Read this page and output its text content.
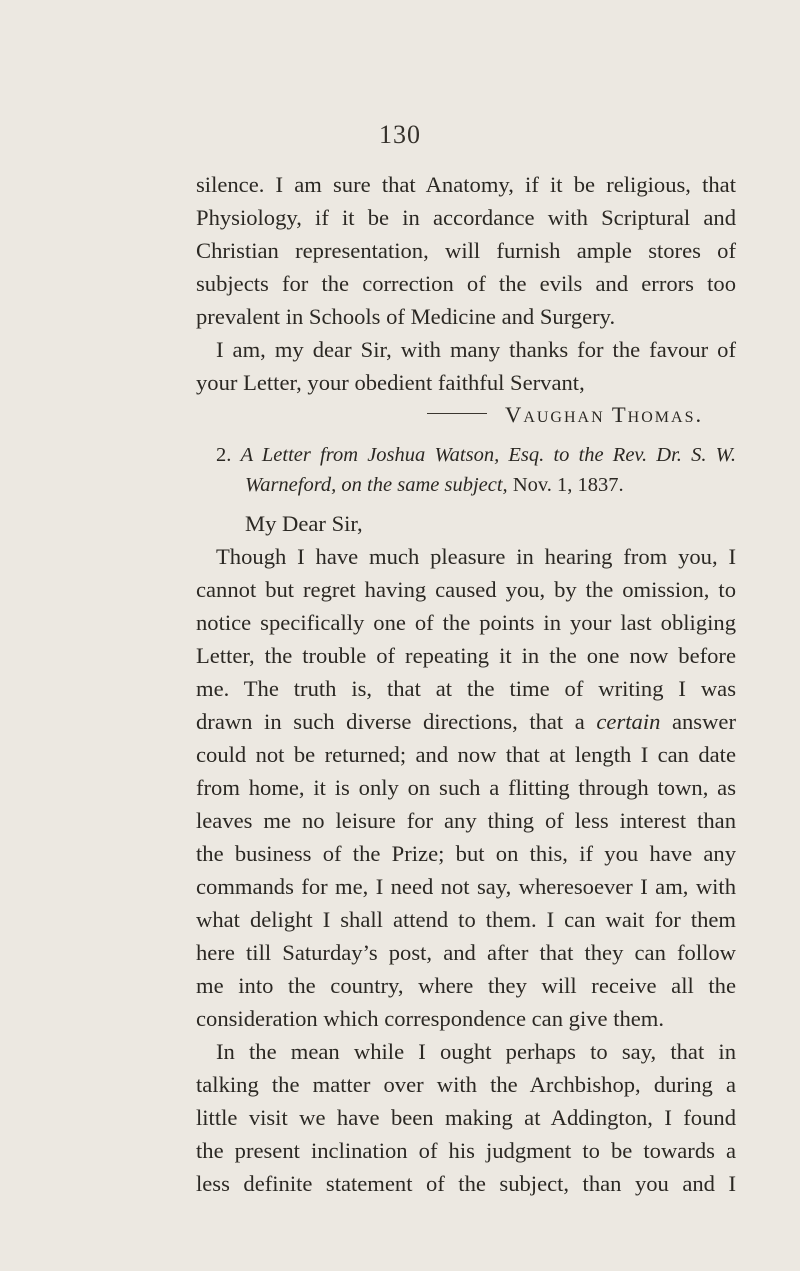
130
silence. I am sure that Anatomy, if it be religious, that
Physiology, if it be in accordance with Scriptural and
Christian representation, will furnish ample stores of
subjects for the correction of the evils and errors too
prevalent in Schools of Medicine and Surgery.
I am, my dear Sir, with many thanks for the favour of
your Letter, your obedient faithful Servant,
Vaughan Thomas.
2. A Letter from Joshua Watson, Esq. to the Rev. Dr. S. W.
Warneford, on the same subject, Nov. 1, 1837.
My Dear Sir,
Though I have much pleasure in hearing from you, I
cannot but regret having caused you, by the omission, to
notice specifically one of the points in your last obliging
Letter, the trouble of repeating it in the one now before
me. The truth is, that at the time of writing I was
drawn in such diverse directions, that a certain answer
could not be returned; and now that at length I can date
from home, it is only on such a flitting through town, as
leaves me no leisure for any thing of less interest than
the business of the Prize; but on this, if you have any
commands for me, I need not say, wheresoever I am, with
what delight I shall attend to them. I can wait for them
here till Saturday’s post, and after that they can follow
me into the country, where they will receive all the
consideration which correspondence can give them.
In the mean while I ought perhaps to say, that in
talking the matter over with the Archbishop, during a
little visit we have been making at Addington, I found
the present inclination of his judgment to be towards a
less definite statement of the subject, than you and I
